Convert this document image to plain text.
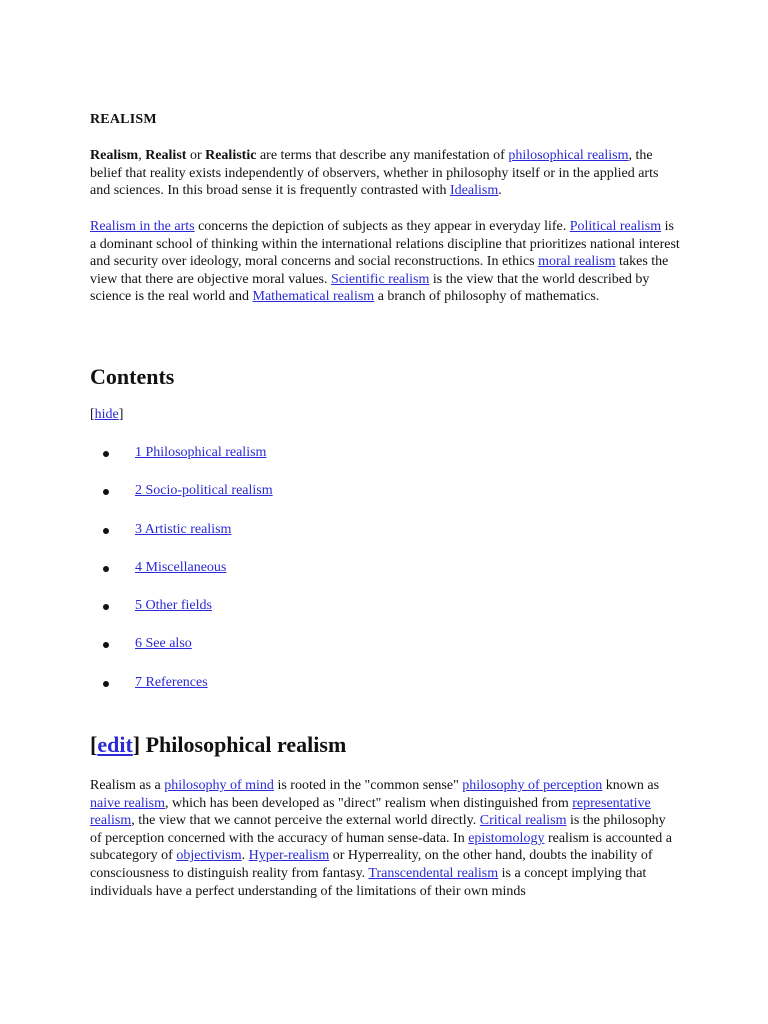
REALISM

Realism, Realist or Realistic are terms that describe any manifestation of philosophical realism, the belief that reality exists independently of observers, whether in philosophy itself or in the applied arts and sciences. In this broad sense it is frequently contrasted with Idealism.

Realism in the arts concerns the depiction of subjects as they appear in everyday life. Political realism is a dominant school of thinking within the international relations discipline that prioritizes national interest and security over ideology, moral concerns and social reconstructions. In ethics moral realism takes the view that there are objective moral values. Scientific realism is the view that the world described by science is the real world and Mathematical realism a branch of philosophy of mathematics.

Contents
[hide]
1 Philosophical realism
2 Socio-political realism
3 Artistic realism
4 Miscellaneous
5 Other fields
6 See also
7 References
[edit] Philosophical realism

Realism as a philosophy of mind is rooted in the "common sense" philosophy of perception known as naive realism, which has been developed as "direct" realism when distinguished from representative realism, the view that we cannot perceive the external world directly. Critical realism is the philosophy of perception concerned with the accuracy of human sense-data. In epistomology realism is accounted a subcategory of objectivism. Hyper-realism or Hyperreality, on the other hand, doubts the inability of consciousness to distinguish reality from fantasy. Transcendental realism is a concept implying that individuals have a perfect understanding of the limitations of their own minds
